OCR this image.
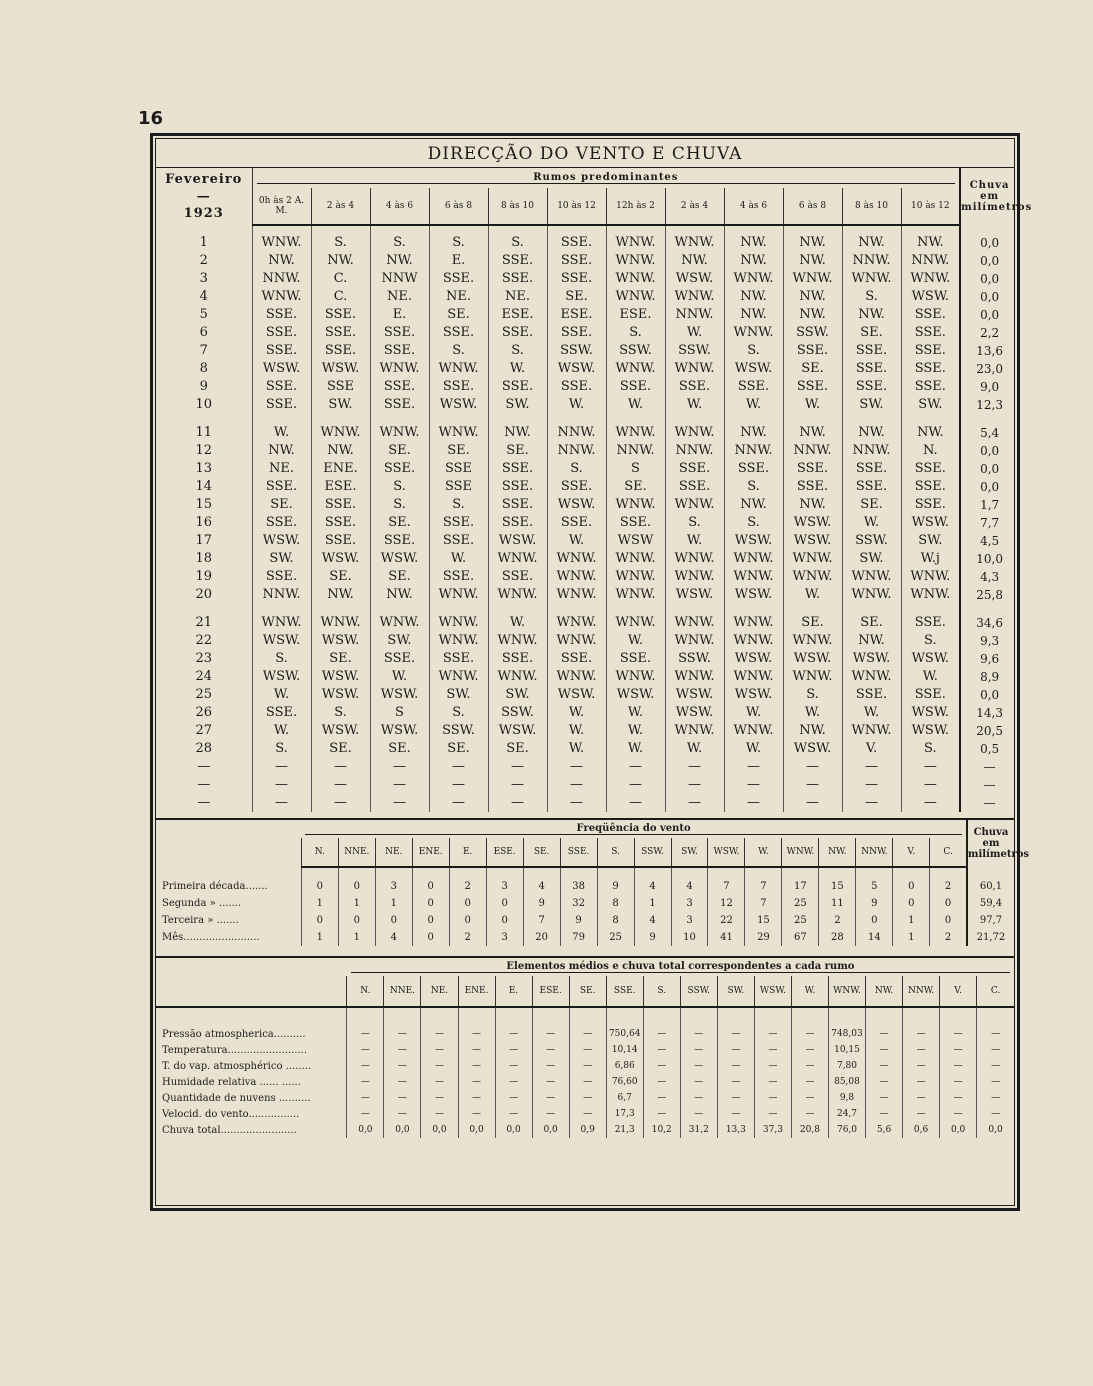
16
DIRECÇÃO DO VENTO E CHUVA
Fevereiro
—
1923	Rumos predominantes												Chuva em milímetros
	0h às 2 A. M.	2 às 4	4 às 6	6 às 8	8 às 10	10 às 12	12h às 2	2 às 4	4 às 6	6 às 8	8 às 10	10 às 12	

1	WNW.	S.	S.	S.	S.	SSE.	WNW.	WNW.	NW.	NW.	NW.	NW.	0,0
2	NW.	NW.	NW.	E.	SSE.	SSE.	WNW.	NW.	NW.	NW.	NNW.	NNW.	0,0
3	NNW.	C.	NNW	SSE.	SSE.	SSE.	WNW.	WSW.	WNW.	WNW.	WNW.	WNW.	0,0
4	WNW.	C.	NE.	NE.	NE.	SE.	WNW.	WNW.	NW.	NW.	S.	WSW.	0,0
5	SSE.	SSE.	E.	SE.	ESE.	ESE.	ESE.	NNW.	NW.	NW.	NW.	SSE.	0,0
6	SSE.	SSE.	SSE.	SSE.	SSE.	SSE.	S.	W.	WNW.	SSW.	SE.	SSE.	2,2
7	SSE.	SSE.	SSE.	S.	S.	SSW.	SSW.	SSW.	S.	SSE.	SSE.	SSE.	13,6
8	WSW.	WSW.	WNW.	WNW.	W.	WSW.	WNW.	WNW.	WSW.	SE.	SSE.	SSE.	23,0
9	SSE.	SSE	SSE.	SSE.	SSE.	SSE.	SSE.	SSE.	SSE.	SSE.	SSE.	SSE.	9,0
10	SSE.	SW.	SSE.	WSW.	SW.	W.	W.	W.	W.	W.	SW.	SW.	12,3

11	W.	WNW.	WNW.	WNW.	NW.	NNW.	WNW.	WNW.	NW.	NW.	NW.	NW.	5,4
12	NW.	NW.	SE.	SE.	SE.	NNW.	NNW.	NNW.	NNW.	NNW.	NNW.	N.	0,0
13	NE.	ENE.	SSE.	SSE	SSE.	S.	S	SSE.	SSE.	SSE.	SSE.	SSE.	0,0
14	SSE.	ESE.	S.	SSE	SSE.	SSE.	SE.	SSE.	S.	SSE.	SSE.	SSE.	0,0
15	SE.	SSE.	S.	S.	SSE.	WSW.	WNW.	WNW.	NW.	NW.	SE.	SSE.	1,7
16	SSE.	SSE.	SE.	SSE.	SSE.	SSE.	SSE.	S.	S.	WSW.	W.	WSW.	7,7
17	WSW.	SSE.	SSE.	SSE.	WSW.	W.	WSW	W.	WSW.	WSW.	SSW.	SW.	4,5
18	SW.	WSW.	WSW.	W.	WNW.	WNW.	WNW.	WNW.	WNW.	WNW.	SW.	W.j	10,0
19	SSE.	SE.	SE.	SSE.	SSE.	WNW.	WNW.	WNW.	WNW.	WNW.	WNW.	WNW.	4,3
20	NNW.	NW.	NW.	WNW.	WNW.	WNW.	WNW.	WSW.	WSW.	W.	WNW.	WNW.	25,8

21	WNW.	WNW.	WNW.	WNW.	W.	WNW.	WNW.	WNW.	WNW.	SE.	SE.	SSE.	34,6
22	WSW.	WSW.	SW.	WNW.	WNW.	WNW.	W.	WNW.	WNW.	WNW.	NW.	S.	9,3
23	S.	SE.	SSE.	SSE.	SSE.	SSE.	SSE.	SSW.	WSW.	WSW.	WSW.	WSW.	9,6
24	WSW.	WSW.	W.	WNW.	WNW.	WNW.	WNW.	WNW.	WNW.	WNW.	WNW.	W.	8,9
25	W.	WSW.	WSW.	SW.	SW.	WSW.	WSW.	WSW.	WSW.	S.	SSE.	SSE.	0,0
26	SSE.	S.	S	S.	SSW.	W.	W.	WSW.	W.	W.	W.	WSW.	14,3
27	W.	WSW.	WSW.	SSW.	WSW.	W.	W.	WNW.	WNW.	NW.	WNW.	WSW.	20,5
28	S.	SE.	SE.	SE.	SE.	W.	W.	W.	W.	WSW.	V.	S.	0,5
—	—	—	—	—	—	—	—	—	—	—	—	—	—
—	—	—	—	—	—	—	—	—	—	—	—	—	—
—	—	—	—	—	—	—	—	—	—	—	—	—	—
	Freqüência do vento																		Chuva em milímetros
	N.	NNE.	NE.	ENE.	E.	ESE.	SE.	SSE.	S.	SSW.	SW.	WSW.	W.	WNW.	NW.	NNW.	V.	C.	

Primeira década.......	0	0	3	0	2	3	4	38	9	4	4	7	7	17	15	5	0	2	60,1
Segunda » .......	1	1	1	0	0	0	9	32	8	1	3	12	7	25	11	9	0	0	59,4
Terceira » .......	0	0	0	0	0	0	7	9	8	4	3	22	15	25	2	0	1	0	97,7
Mês........................	1	1	4	0	2	3	20	79	25	9	10	41	29	67	28	14	1	2	21,72
	Elementos médios e chuva total correspondentes a cada rumo																	

	N.	NNE.	NE.	ENE.	E.	ESE.	SE.	SSE.	S.	SSW.	SW.	WSW.	W.	WNW.	NW.	NNW.	V.	C.

Pressão atmospherica..........	—	—	—	—	—	—	—	750,64	—	—	—	—	—	748,03	—	—	—	—
Temperatura.........................	—	—	—	—	—	—	—	10,14	—	—	—	—	—	10,15	—	—	—	—
T. do vap. atmosphérico ........	—	—	—	—	—	—	—	6,86	—	—	—	—	—	7,80	—	—	—	—
Humidade relativa ...... ......	—	—	—	—	—	—	—	76,60	—	—	—	—	—	85,08	—	—	—	—
Quantidade de nuvens ..........	—	—	—	—	—	—	—	6,7	—	—	—	—	—	9,8	—	—	—	—
Velocid. do vento................	—	—	—	—	—	—	—	17,3	—	—	—	—	—	24,7	—	—	—	—
Chuva total........................	0,0	0,0	0,0	0,0	0,0	0,0	0,9	21,3	10,2	31,2	13,3	37,3	20,8	76,0	5,6	0,6	0,0	0,0
